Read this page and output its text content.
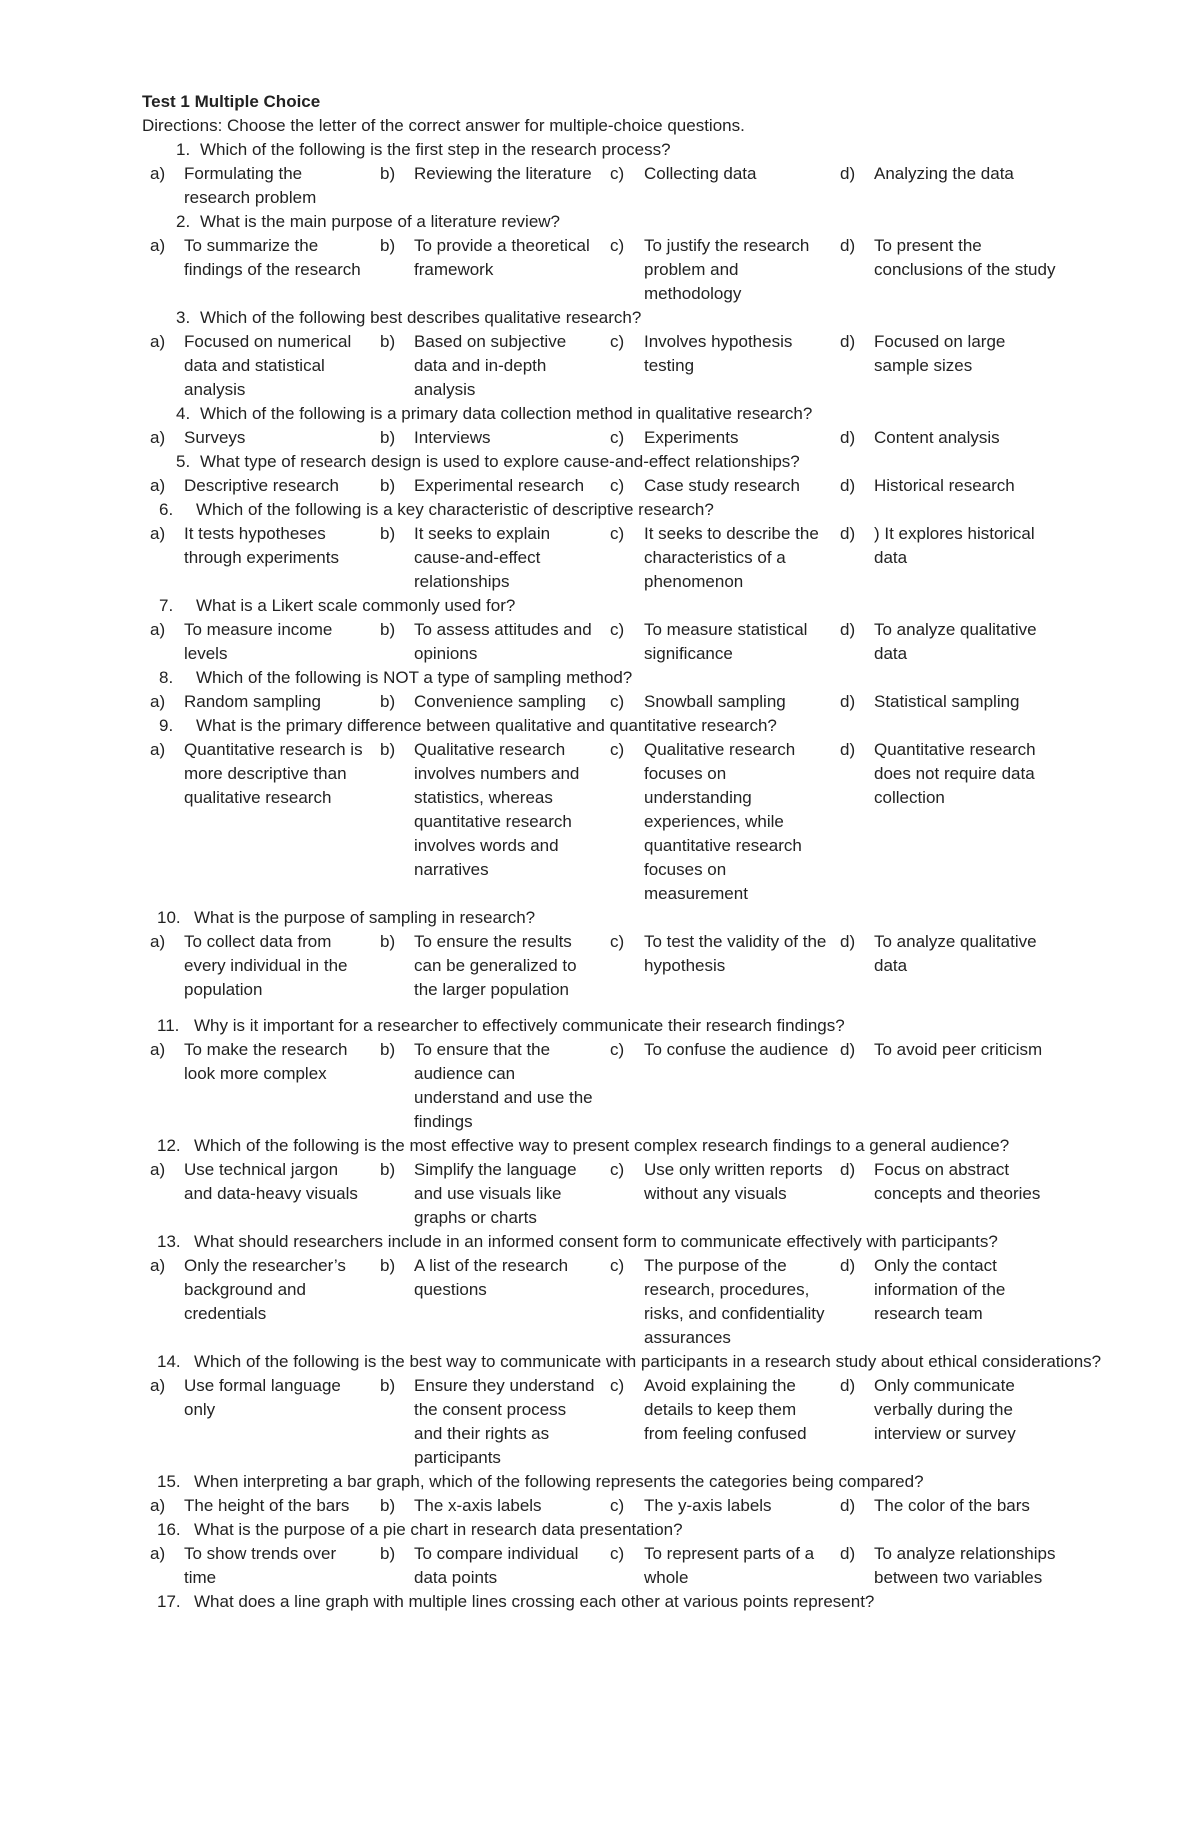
Test 1 Multiple Choice
Directions: Choose the letter of the correct answer for multiple-choice questions.
1. Which of the following is the first step in the research process?
a) Formulating the research problem
b) Reviewing the literature	c) Collecting data	d) Analyzing the data
2. What is the main purpose of a literature review?
a) To summarize the findings of the research
b) To provide a theoretical framework
c) To justify the research problem and methodology
d) To present the conclusions of the study
3. Which of the following best describes qualitative research?
a) Focused on numerical data and statistical analysis
b) Based on subjective data and in-depth analysis
c) Involves hypothesis testing
d) Focused on large sample sizes
4. Which of the following is a primary data collection method in qualitative research?
a) Surveys	b) Interviews	c) Experiments	d) Content analysis
5. What type of research design is used to explore cause-and-effect relationships?
a) Descriptive research	b) Experimental research	c) Case study research	d) Historical research
6. Which of the following is a key characteristic of descriptive research?
a) It tests hypotheses through experiments
b) It seeks to explain cause-and-effect relationships
c) It seeks to describe the characteristics of a phenomenon
d) ) It explores historical data
7. What is a Likert scale commonly used for?
a) To measure income levels
b) To assess attitudes and opinions
c) To measure statistical significance
d) To analyze qualitative data
8. Which of the following is NOT a type of sampling method?
a) Random sampling	b) Convenience sampling	c) Snowball sampling	d) Statistical sampling
9. What is the primary difference between qualitative and quantitative research?
a) Quantitative research is more descriptive than qualitative research
b) Qualitative research involves numbers and statistics, whereas quantitative research involves words and narratives
c) Qualitative research focuses on understanding experiences, while quantitative research focuses on measurement
d) Quantitative research does not require data collection
10. What is the purpose of sampling in research?
a) To collect data from every individual in the population
b) To ensure the results can be generalized to the larger population
c) To test the validity of the hypothesis
d) To analyze qualitative data
11. Why is it important for a researcher to effectively communicate their research findings?
a) To make the research look more complex
b) To ensure that the audience can understand and use the findings
c) To confuse the audience d) To avoid peer criticism
12. Which of the following is the most effective way to present complex research findings to a general audience?
a) Use technical jargon and data-heavy visuals
b) Simplify the language and use visuals like graphs or charts
c) Use only written reports without any visuals
d) Focus on abstract concepts and theories
13. What should researchers include in an informed consent form to communicate effectively with participants?
a) Only the researcher’s background and credentials
b) A list of the research questions
c) The purpose of the research, procedures, risks, and confidentiality assurances
d) Only the contact information of the research team
14. Which of the following is the best way to communicate with participants in a research study about ethical considerations?
a) Use formal language only
b) Ensure they understand the consent process and their rights as participants
c) Avoid explaining the details to keep them from feeling confused
d) Only communicate verbally during the interview or survey
15. When interpreting a bar graph, which of the following represents the categories being compared?
a) The height of the bars	b) The x-axis labels	c) The y-axis labels	d) The color of the bars
16. What is the purpose of a pie chart in research data presentation?
a) To show trends over time
b) To compare individual data points
c) To represent parts of a whole
d) To analyze relationships between two variables
17. What does a line graph with multiple lines crossing each other at various points represent?
